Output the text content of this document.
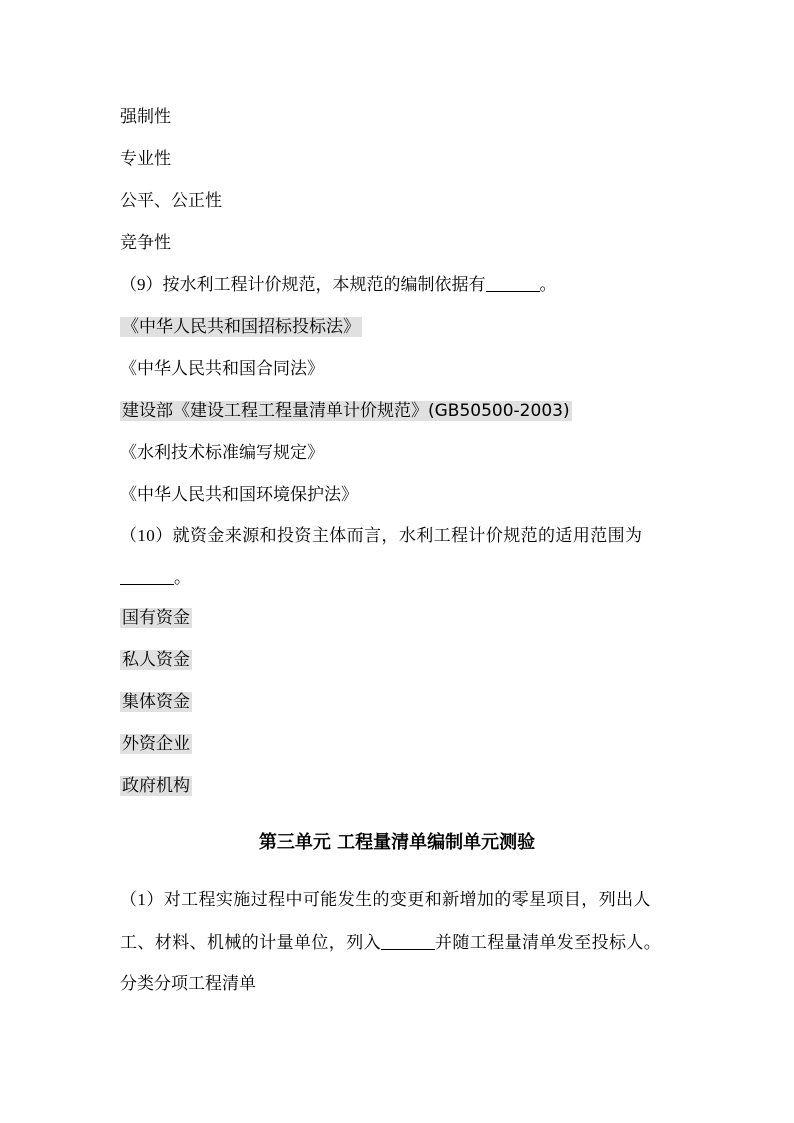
强制性
专业性
公平、公正性
竞争性
（9）按水利工程计价规范，本规范的编制依据有	。
《中华人民共和国招标投标法》
《中华人民共和国合同法》
建设部《建设工程工程量清单计价规范》(GB50500-2003)
《水利技术标准编写规定》
《中华人民共和国环境保护法》
（10）就资金来源和投资主体而言，水利工程计价规范的适用范围为
。
国有资金
私人资金
集体资金
外资企业
政府机构
第三单元 工程量清单编制单元测验
（1）对工程实施过程中可能发生的变更和新增加的零星项目，列出人
工、材料、机械的计量单位，列入	并随工程量清单发至投标人。
分类分项工程清单
